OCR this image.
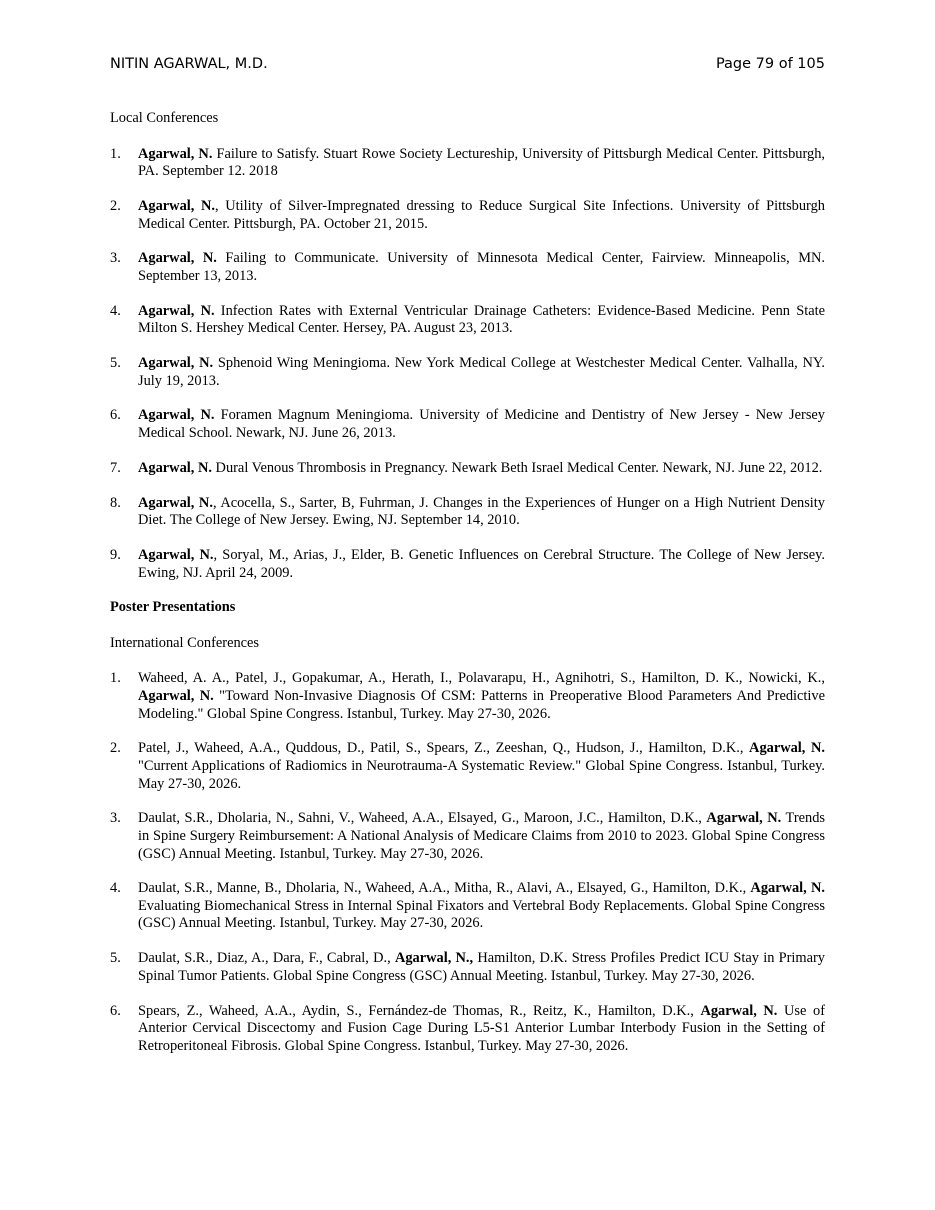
NITIN AGARWAL, M.D.	Page 79 of 105
Local Conferences
1. Agarwal, N. Failure to Satisfy. Stuart Rowe Society Lectureship, University of Pittsburgh Medical Center. Pittsburgh, PA. September 12. 2018
2. Agarwal, N., Utility of Silver-Impregnated dressing to Reduce Surgical Site Infections. University of Pittsburgh Medical Center. Pittsburgh, PA. October 21, 2015.
3. Agarwal, N. Failing to Communicate. University of Minnesota Medical Center, Fairview. Minneapolis, MN. September 13, 2013.
4. Agarwal, N. Infection Rates with External Ventricular Drainage Catheters: Evidence-Based Medicine. Penn State Milton S. Hershey Medical Center. Hersey, PA. August 23, 2013.
5. Agarwal, N. Sphenoid Wing Meningioma. New York Medical College at Westchester Medical Center. Valhalla, NY. July 19, 2013.
6. Agarwal, N. Foramen Magnum Meningioma. University of Medicine and Dentistry of New Jersey - New Jersey Medical School. Newark, NJ. June 26, 2013.
7. Agarwal, N. Dural Venous Thrombosis in Pregnancy. Newark Beth Israel Medical Center. Newark, NJ. June 22, 2012.
8. Agarwal, N., Acocella, S., Sarter, B, Fuhrman, J. Changes in the Experiences of Hunger on a High Nutrient Density Diet. The College of New Jersey. Ewing, NJ. September 14, 2010.
9. Agarwal, N., Soryal, M., Arias, J., Elder, B. Genetic Influences on Cerebral Structure. The College of New Jersey. Ewing, NJ. April 24, 2009.
Poster Presentations
International Conferences
1. Waheed, A. A., Patel, J., Gopakumar, A., Herath, I., Polavarapu, H., Agnihotri, S., Hamilton, D. K., Nowicki, K., Agarwal, N. "Toward Non-Invasive Diagnosis Of CSM: Patterns in Preoperative Blood Parameters And Predictive Modeling." Global Spine Congress. Istanbul, Turkey. May 27-30, 2026.
2. Patel, J., Waheed, A.A., Quddous, D., Patil, S., Spears, Z., Zeeshan, Q., Hudson, J., Hamilton, D.K., Agarwal, N. "Current Applications of Radiomics in Neurotrauma-A Systematic Review." Global Spine Congress. Istanbul, Turkey. May 27-30, 2026.
3. Daulat, S.R., Dholaria, N., Sahni, V., Waheed, A.A., Elsayed, G., Maroon, J.C., Hamilton, D.K., Agarwal, N. Trends in Spine Surgery Reimbursement: A National Analysis of Medicare Claims from 2010 to 2023. Global Spine Congress (GSC) Annual Meeting. Istanbul, Turkey. May 27-30, 2026.
4. Daulat, S.R., Manne, B., Dholaria, N., Waheed, A.A., Mitha, R., Alavi, A., Elsayed, G., Hamilton, D.K., Agarwal, N. Evaluating Biomechanical Stress in Internal Spinal Fixators and Vertebral Body Replacements. Global Spine Congress (GSC) Annual Meeting. Istanbul, Turkey. May 27-30, 2026.
5. Daulat, S.R., Diaz, A., Dara, F., Cabral, D., Agarwal, N., Hamilton, D.K. Stress Profiles Predict ICU Stay in Primary Spinal Tumor Patients. Global Spine Congress (GSC) Annual Meeting. Istanbul, Turkey. May 27-30, 2026.
6. Spears, Z., Waheed, A.A., Aydin, S., Fernández-de Thomas, R., Reitz, K., Hamilton, D.K., Agarwal, N. Use of Anterior Cervical Discectomy and Fusion Cage During L5-S1 Anterior Lumbar Interbody Fusion in the Setting of Retroperitoneal Fibrosis. Global Spine Congress. Istanbul, Turkey. May 27-30, 2026.
